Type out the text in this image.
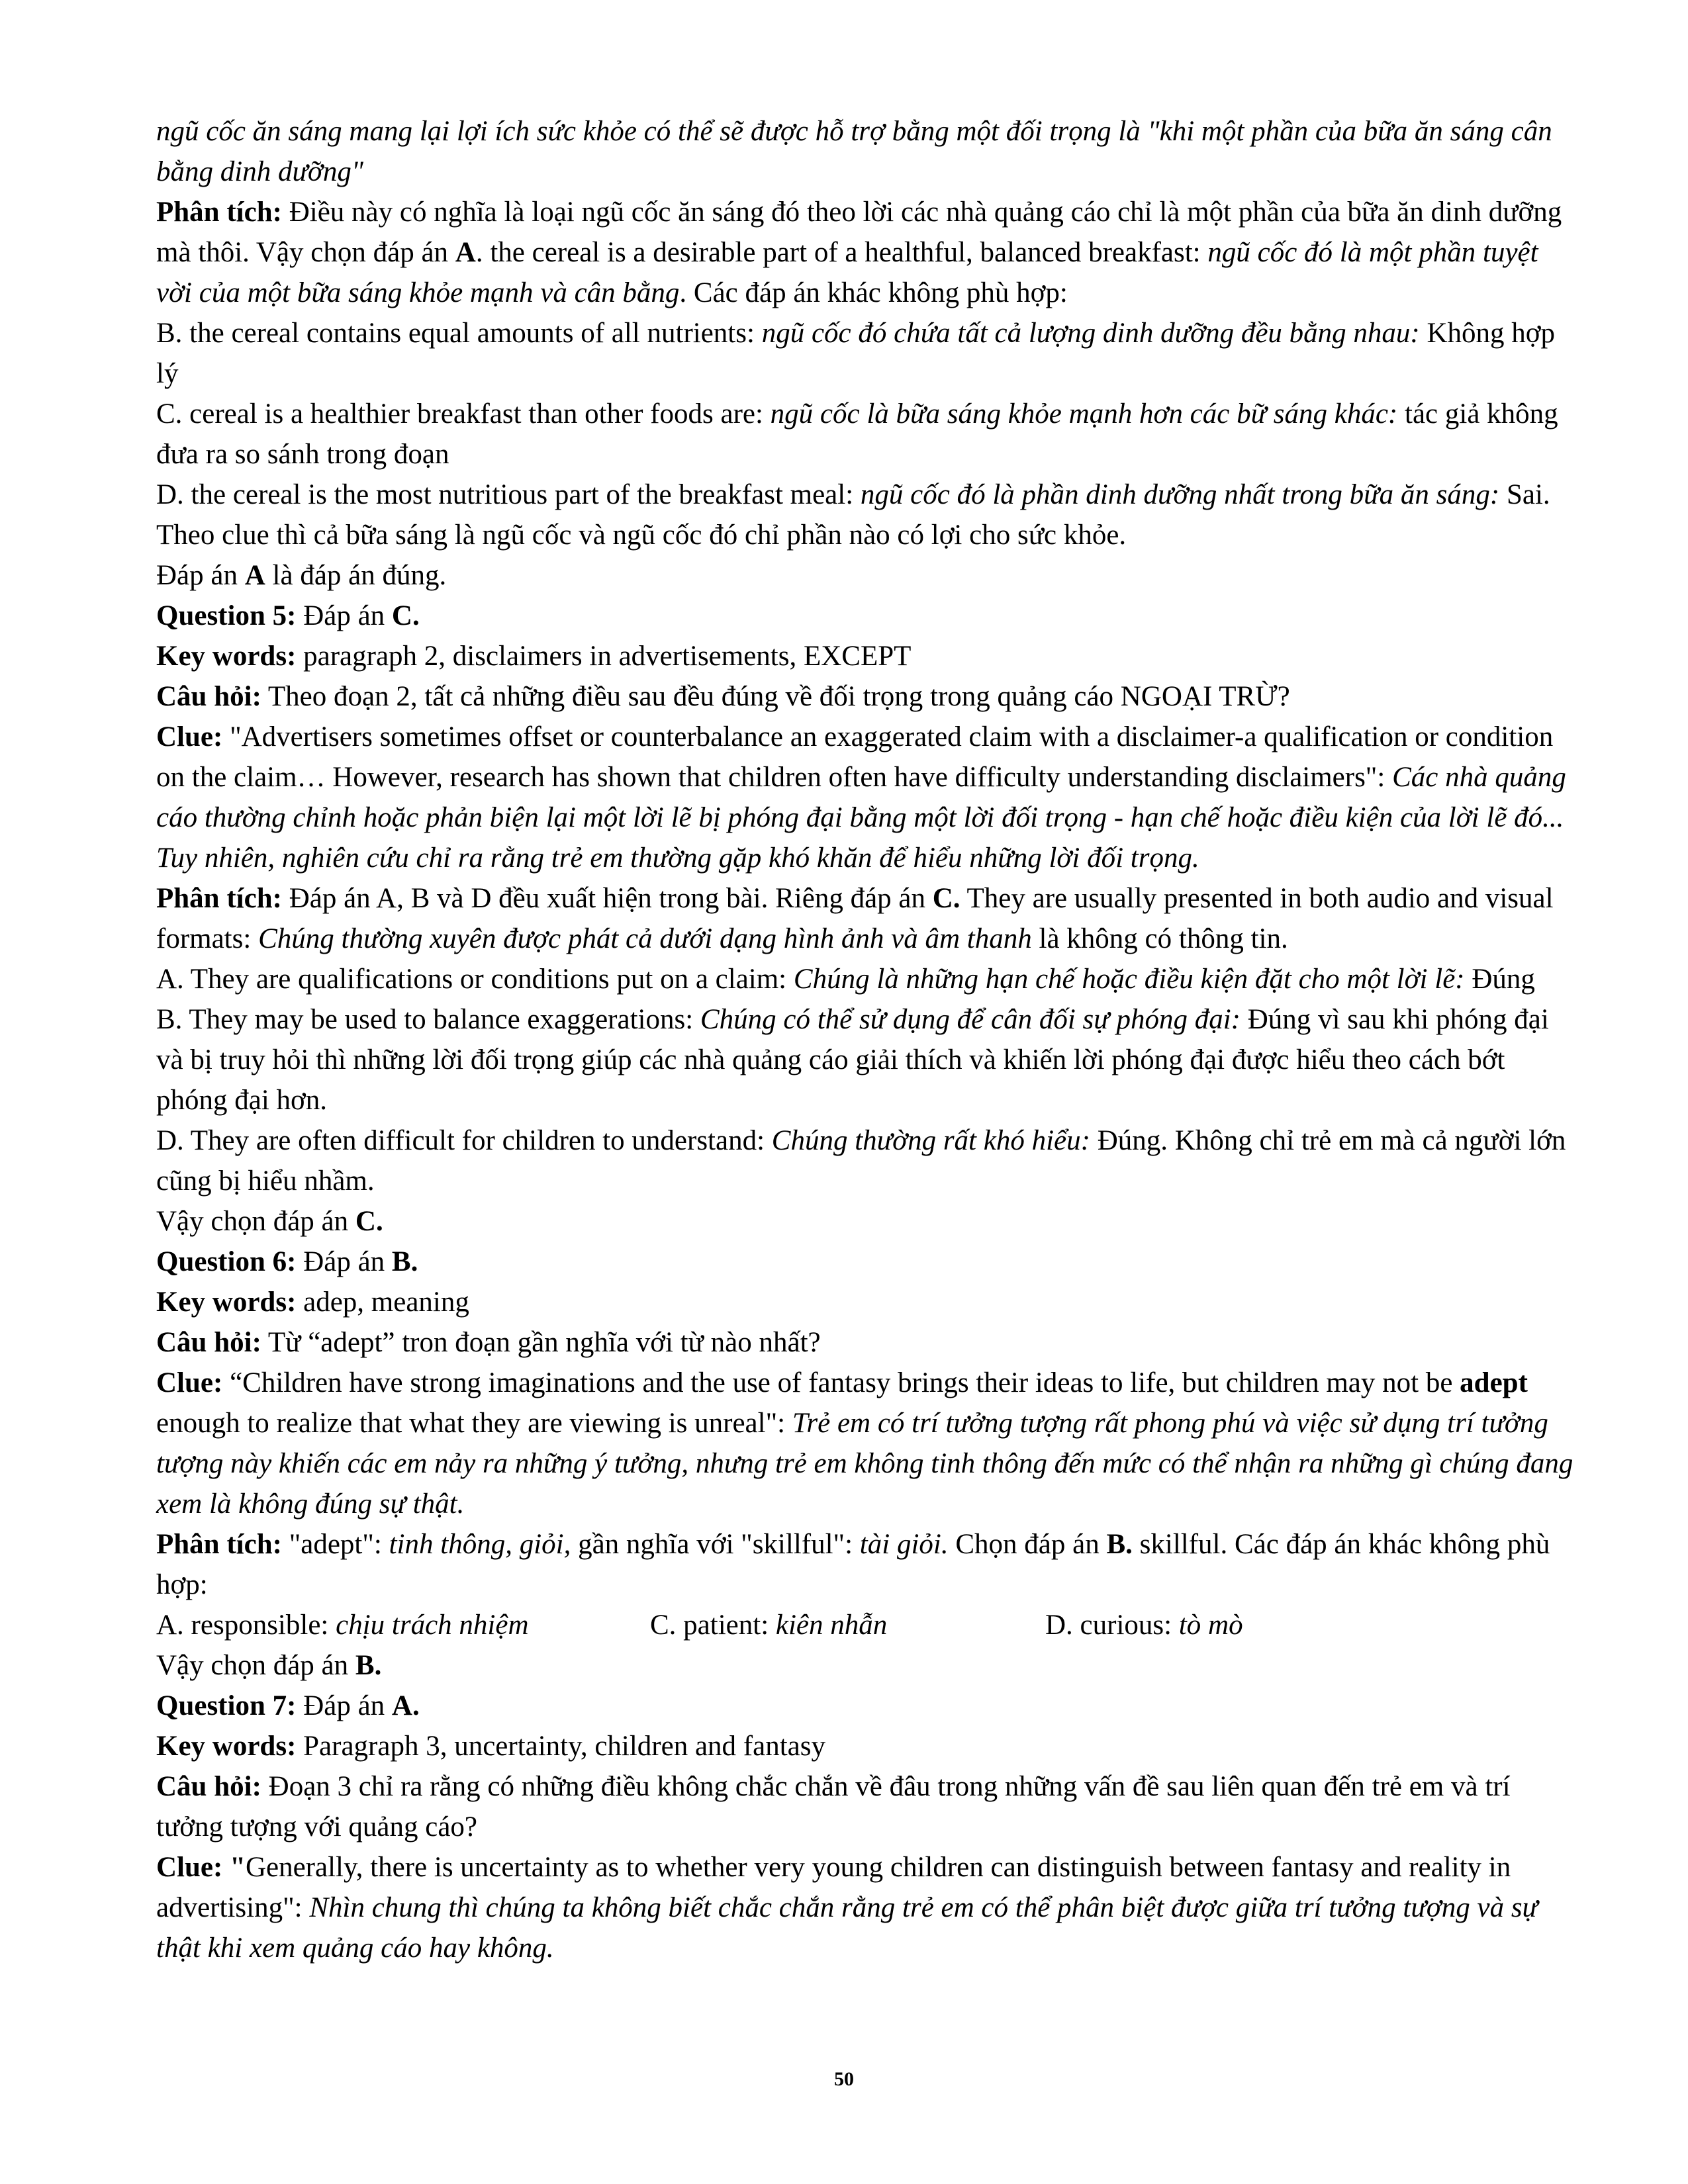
ngũ cốc ăn sáng mang lại lợi ích sức khỏe có thể sẽ được hỗ trợ bằng một đối trọng là "khi một phần của bữa ăn sáng cân bằng dinh dưỡng"

Phân tích: Điều này có nghĩa là loại ngũ cốc ăn sáng đó theo lời các nhà quảng cáo chỉ là một phần của bữa ăn dinh dưỡng mà thôi. Vậy chọn đáp án A. the cereal is a desirable part of a healthful, balanced breakfast: ngũ cốc đó là một phần tuyệt vời của một bữa sáng khỏe mạnh và cân bằng. Các đáp án khác không phù hợp:

B. the cereal contains equal amounts of all nutrients: ngũ cốc đó chứa tất cả lượng dinh dưỡng đều bằng nhau: Không hợp lý

C. cereal is a healthier breakfast than other foods are: ngũ cốc là bữa sáng khỏe mạnh hơn các bữ sáng khác: tác giả không đưa ra so sánh trong đoạn

D. the cereal is the most nutritious part of the breakfast meal: ngũ cốc đó là phần dinh dưỡng nhất trong bữa ăn sáng: Sai. Theo clue thì cả bữa sáng là ngũ cốc và ngũ cốc đó chỉ phần nào có lợi cho sức khỏe.

Đáp án A là đáp án đúng.

Question 5: Đáp án C.

Key words: paragraph 2, disclaimers in advertisements, EXCEPT

Câu hỏi: Theo đoạn 2, tất cả những điều sau đều đúng về đối trọng trong quảng cáo NGOẠI TRỪ?

Clue: "Advertisers sometimes offset or counterbalance an exaggerated claim with a disclaimer-a qualification or condition on the claim… However, research has shown that children often have difficulty understanding disclaimers": Các nhà quảng cáo thường chỉnh hoặc phản biện lại một lời lẽ bị phóng đại bằng một lời đối trọng - hạn chế hoặc điều kiện của lời lẽ đó... Tuy nhiên, nghiên cứu chỉ ra rằng trẻ em thường gặp khó khăn để hiểu những lời đối trọng.

Phân tích: Đáp án A, B và D đều xuất hiện trong bài. Riêng đáp án C. They are usually presented in both audio and visual formats: Chúng thường xuyên được phát cả dưới dạng hình ảnh và âm thanh là không có thông tin.

A. They are qualifications or conditions put on a claim: Chúng là những hạn chế hoặc điều kiện đặt cho một lời lẽ: Đúng

B. They may be used to balance exaggerations: Chúng có thể sử dụng để cân đối sự phóng đại: Đúng vì sau khi phóng đại và bị truy hỏi thì những lời đối trọng giúp các nhà quảng cáo giải thích và khiến lời phóng đại được hiểu theo cách bớt phóng đại hơn.

D. They are often difficult for children to understand: Chúng thường rất khó hiểu: Đúng. Không chỉ trẻ em mà cả người lớn cũng bị hiểu nhầm.

Vậy chọn đáp án C.

Question 6: Đáp án B.

Key words: adep, meaning

Câu hỏi: Từ “adept” tron đoạn gần nghĩa với từ nào nhất?

Clue: “Children have strong imaginations and the use of fantasy brings their ideas to life, but children may not be adept enough to realize that what they are viewing is unreal": Trẻ em có trí tưởng tượng rất phong phú và việc sử dụng trí tưởng tượng này khiến các em nảy ra những ý tưởng, nhưng trẻ em không tinh thông đến mức có thể nhận ra những gì chúng đang xem là không đúng sự thật.

Phân tích: "adept": tinh thông, giỏi, gần nghĩa với "skillful": tài giỏi. Chọn đáp án B. skillful. Các đáp án khác không phù hợp:

A. responsible: chịu trách nhiệm	C. patient: kiên nhẫn	D. curious: tò mò

Vậy chọn đáp án B.

Question 7: Đáp án A.

Key words: Paragraph 3, uncertainty, children and fantasy

Câu hỏi: Đoạn 3 chỉ ra rằng có những điều không chắc chắn về đâu trong những vấn đề sau liên quan đến trẻ em và trí tưởng tượng với quảng cáo?

Clue: "Generally, there is uncertainty as to whether very young children can distinguish between fantasy and reality in advertising": Nhìn chung thì chúng ta không biết chắc chắn rằng trẻ em có thể phân biệt được giữa trí tưởng tượng và sự thật khi xem quảng cáo hay không.

50
